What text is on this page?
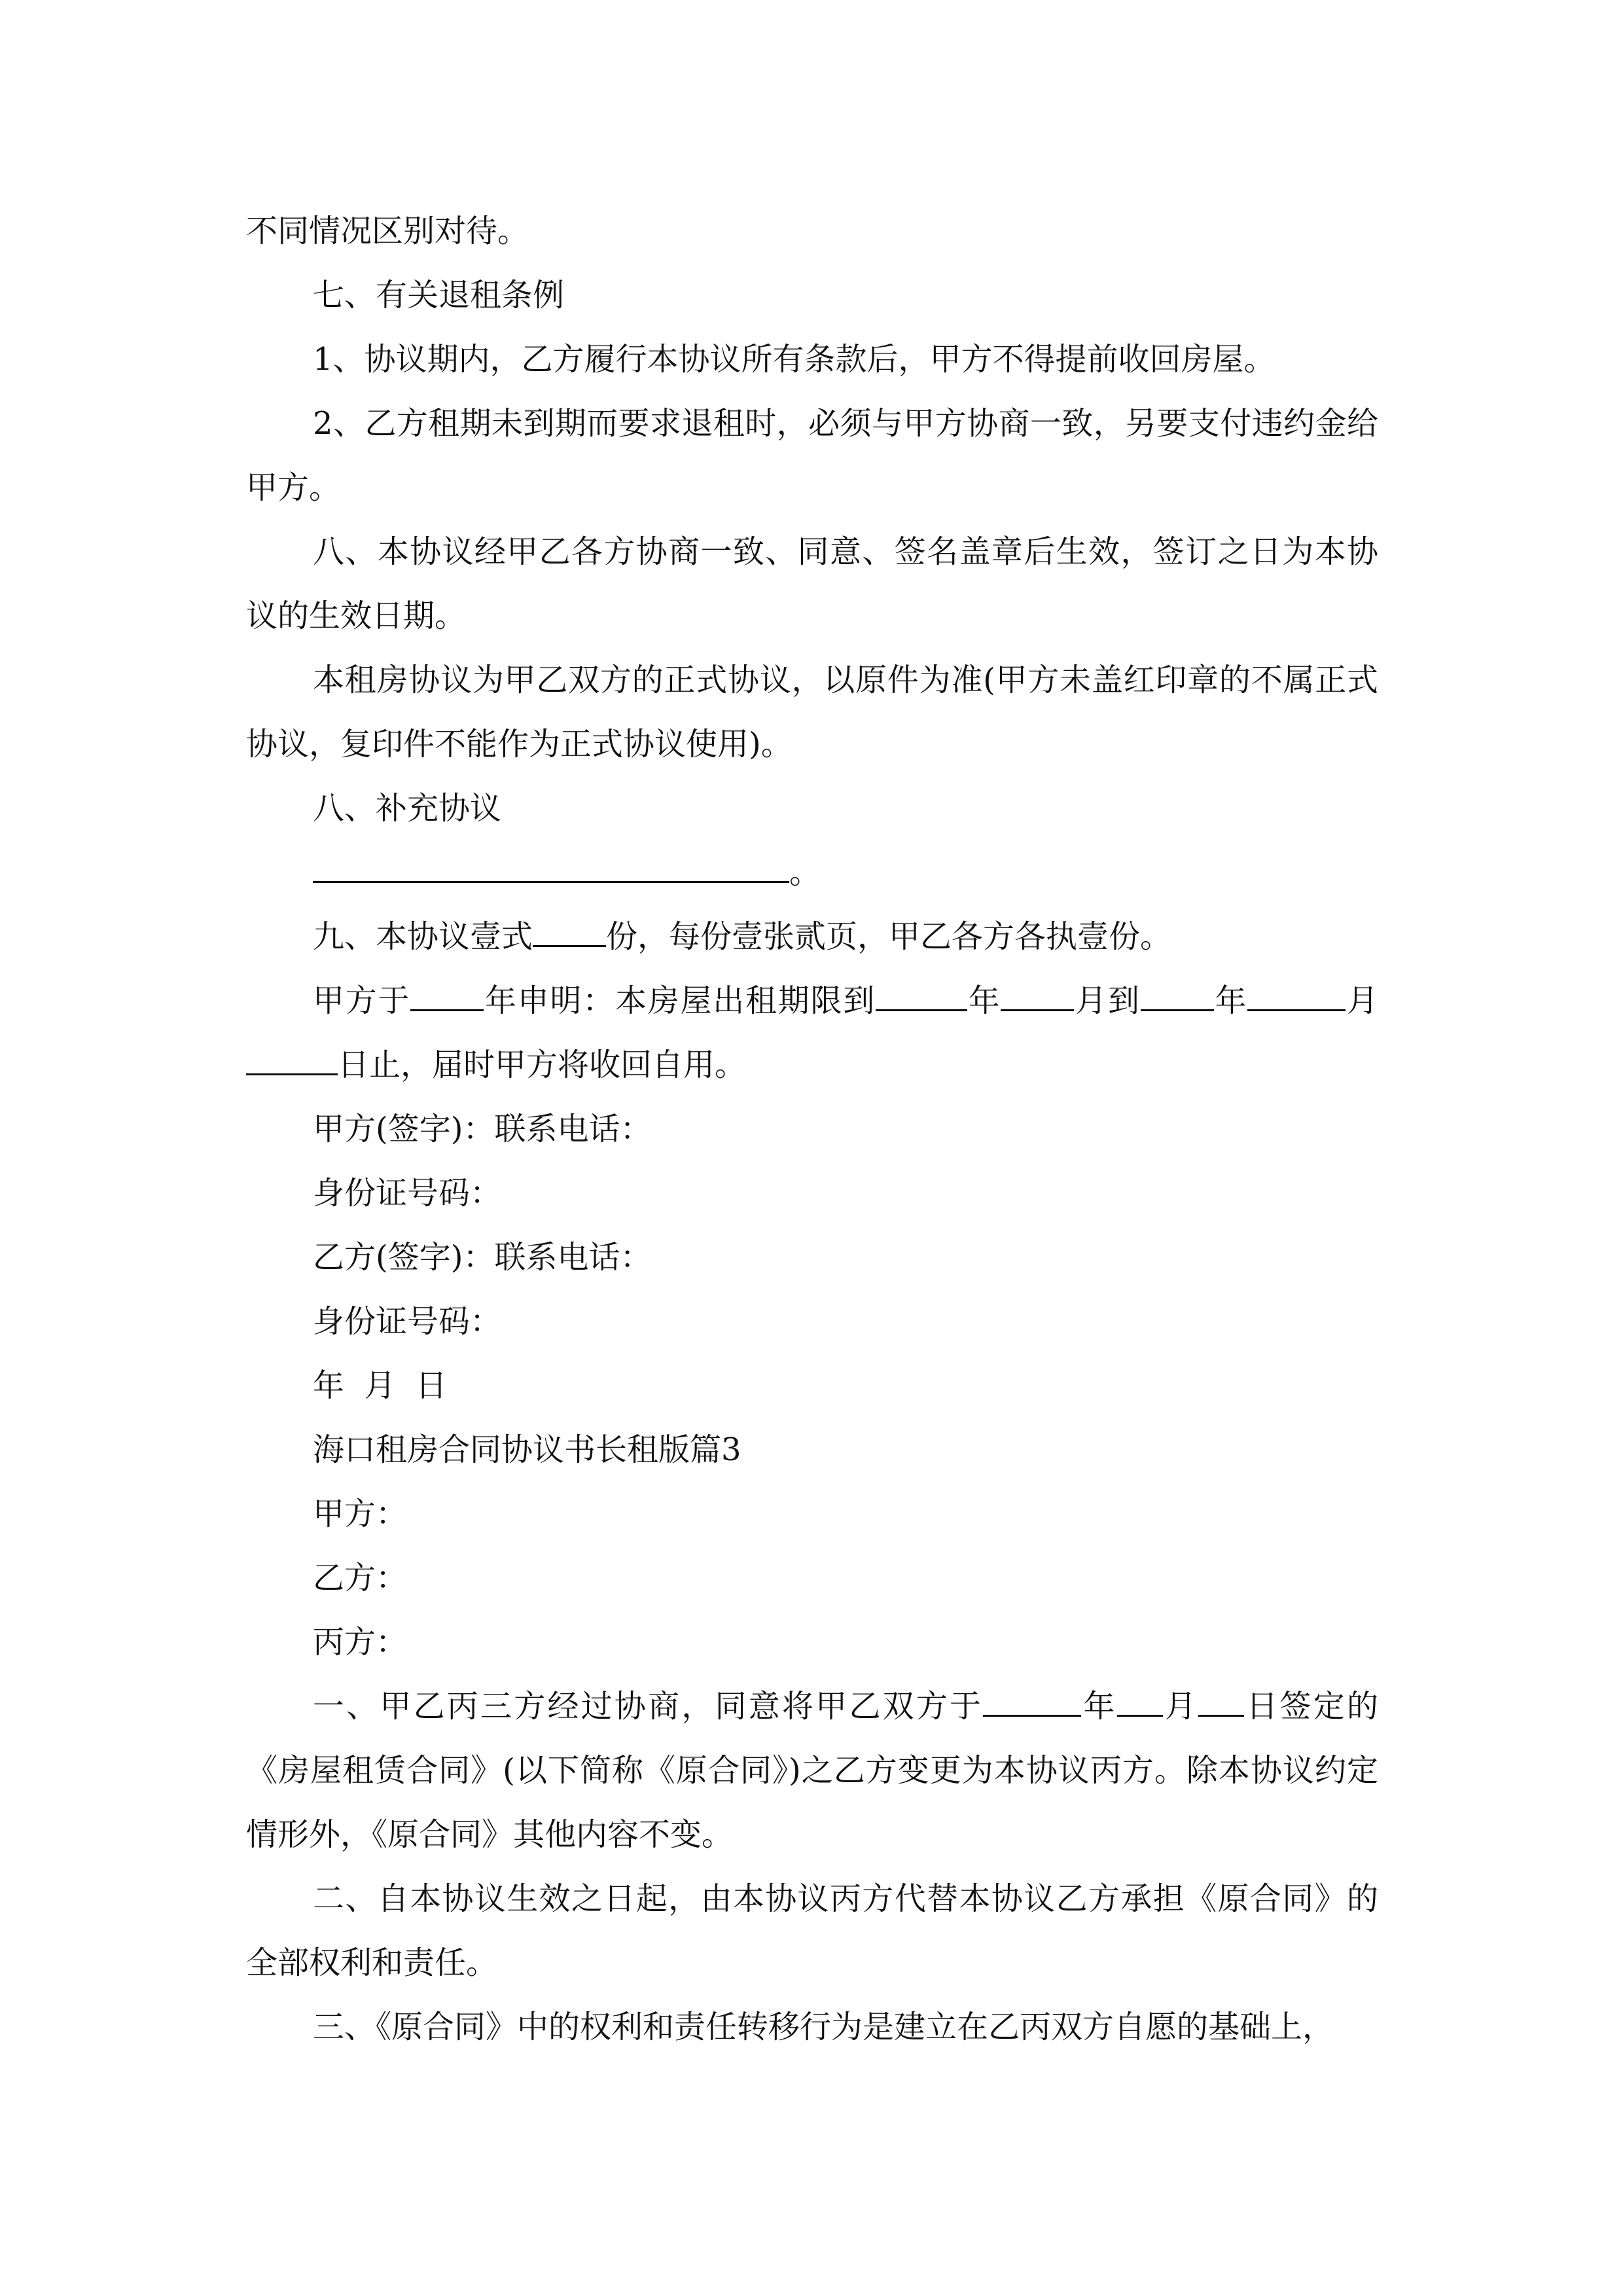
不同情况区别对待。

七、有关退租条例

1、协议期内，乙方履行本协议所有条款后，甲方不得提前收回房屋。

2、乙方租期未到期而要求退租时，必须与甲方协商一致，另要支付违约金给甲方。

八、本协议经甲乙各方协商一致、同意、签名盖章后生效，签订之日为本协议的生效日期。

本租房协议为甲乙双方的正式协议，以原件为准(甲方未盖红印章的不属正式协议，复印件不能作为正式协议使用)。

八、补充协议

。

九、本协议壹式 份，每份壹张贰页，甲乙各方各执壹份。

甲方于 年申明：本房屋出租期限到	年 月到 年	月日止，届时甲方将收回自用。

甲方(签字)：联系电话：

身份证号码：

乙方(签字)：联系电话：

身份证号码：

年  月  日

海口租房合同协议书长租版篇3

甲方：

乙方：

丙方：

一、甲乙丙三方经过协商，同意将甲乙双方于	年 月 日签定的《房屋租赁合同》(以下简称《原合同》)之乙方变更为本协议丙方。除本协议约定情形外，《原合同》其他内容不变。

二、自本协议生效之日起，由本协议丙方代替本协议乙方承担《原合同》的全部权利和责任。

三、《原合同》中的权利和责任转移行为是建立在乙丙双方自愿的基础上，
